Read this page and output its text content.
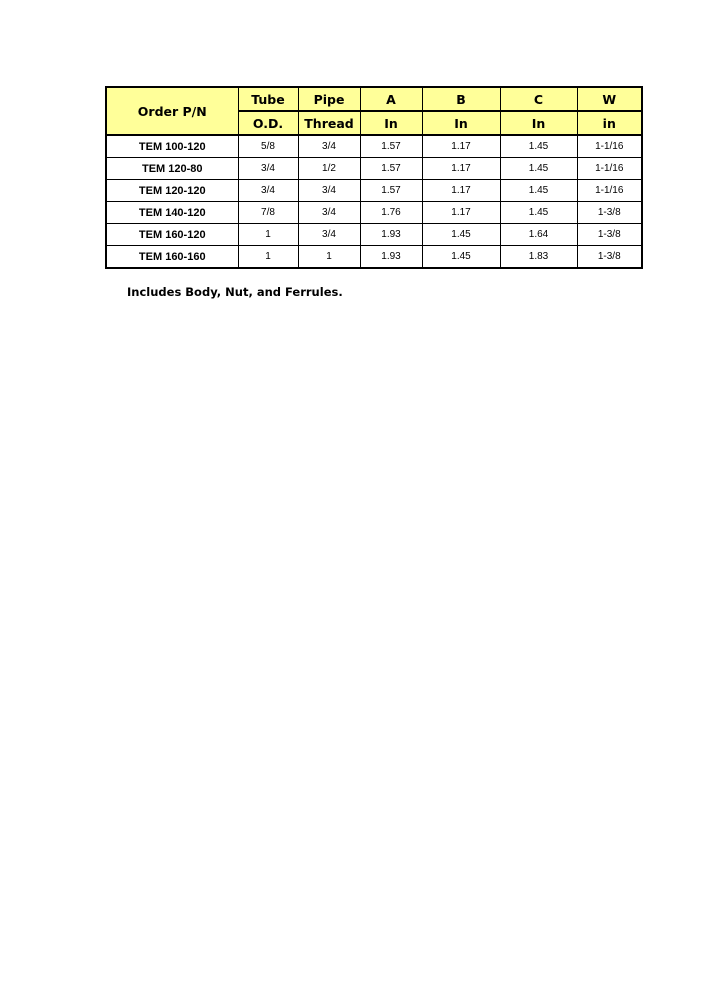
Order P/N	Tube	Pipe	A	B	C	W
	O.D.	Thread	In	In	In	in
TEM 100-120	5/8	3/4	1.57	1.17	1.45	1-1/16
TEM 120-80	3/4	1/2	1.57	1.17	1.45	1-1/16
TEM 120-120	3/4	3/4	1.57	1.17	1.45	1-1/16
TEM 140-120	7/8	3/4	1.76	1.17	1.45	1-3/8
TEM 160-120	1	3/4	1.93	1.45	1.64	1-3/8
TEM 160-160	1	1	1.93	1.45	1.83	1-3/8
Includes Body, Nut, and Ferrules.
